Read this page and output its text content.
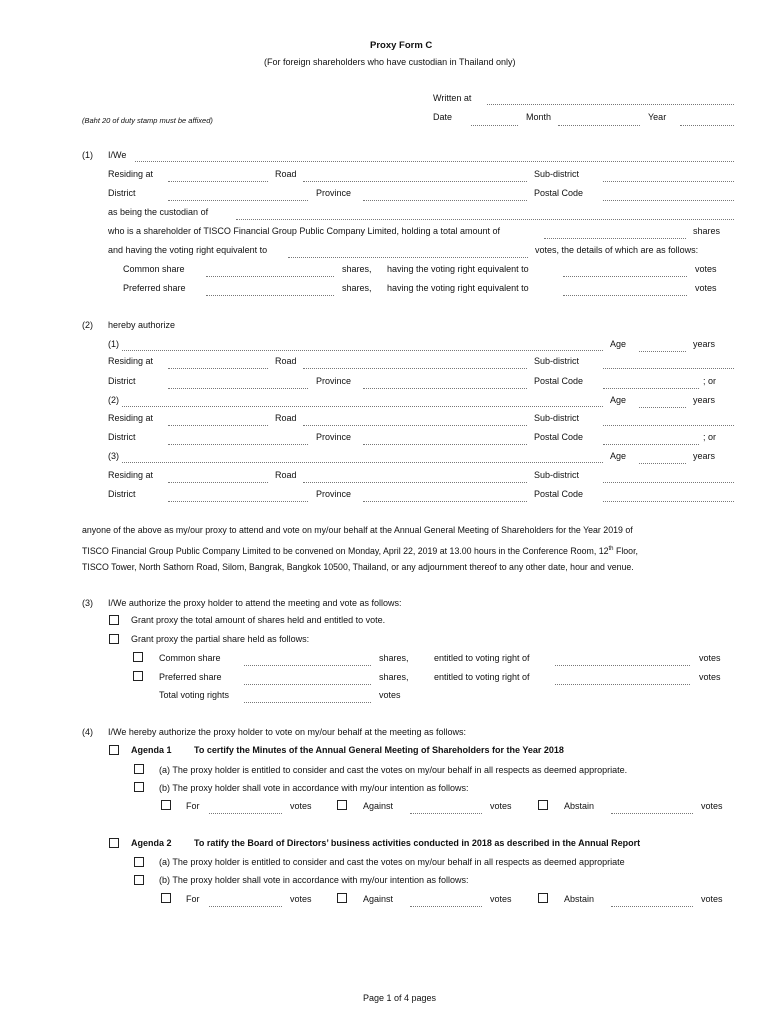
Proxy Form C
(For foreign shareholders who have custodian in Thailand only)
Written at
(Baht 20 of duty stamp must be affixed)	Date	Month	Year
(1) I/We
Residing at	Road	Sub-district
District	Province	Postal Code
as being the custodian of
who is a shareholder of TISCO Financial Group Public Company Limited, holding a total amount of	shares
and having the voting right equivalent to	votes, the details of which are as follows:
Common share	shares, having the voting right equivalent to	votes
Preferred share	shares, having the voting right equivalent to	votes
(2) hereby authorize
(1)	Age	years
Residing at	Road	Sub-district
District	Province	Postal Code	; or
(2)	Age	years
Residing at	Road	Sub-district
District	Province	Postal Code	; or
(3)	Age	years
Residing at	Road	Sub-district
District	Province	Postal Code
anyone of the above as my/our proxy to attend and vote on my/our behalf at the Annual General Meeting of Shareholders for the Year 2019 of
TISCO Financial Group Public Company Limited to be convened on Monday, April 22, 2019 at 13.00 hours in the Conference Room, 12th Floor,
TISCO Tower, North Sathorn Road, Silom, Bangrak, Bangkok 10500, Thailand, or any adjournment thereof to any other date, hour and venue.
(3) I/We authorize the proxy holder to attend the meeting and vote as follows:
Grant proxy the total amount of shares held and entitled to vote.
Grant proxy the partial share held as follows:
Common share	shares,	entitled to voting right of	votes
Preferred share	shares,	entitled to voting right of	votes
Total voting rights	votes
(4) I/We hereby authorize the proxy holder to vote on my/our behalf at the meeting as follows:
Agenda 1 To certify the Minutes of the Annual General Meeting of Shareholders for the Year 2018
(a) The proxy holder is entitled to consider and cast the votes on my/our behalf in all respects as deemed appropriate.
(b) The proxy holder shall vote in accordance with my/our intention as follows:
For	votes	Against	votes	Abstain	votes
Agenda 2 To ratify the Board of Directors’ business activities conducted in 2018 as described in the Annual Report
(a) The proxy holder is entitled to consider and cast the votes on my/our behalf in all respects as deemed appropriate
(b) The proxy holder shall vote in accordance with my/our intention as follows:
For	votes	Against	votes	Abstain	votes
Page 1 of 4 pages
